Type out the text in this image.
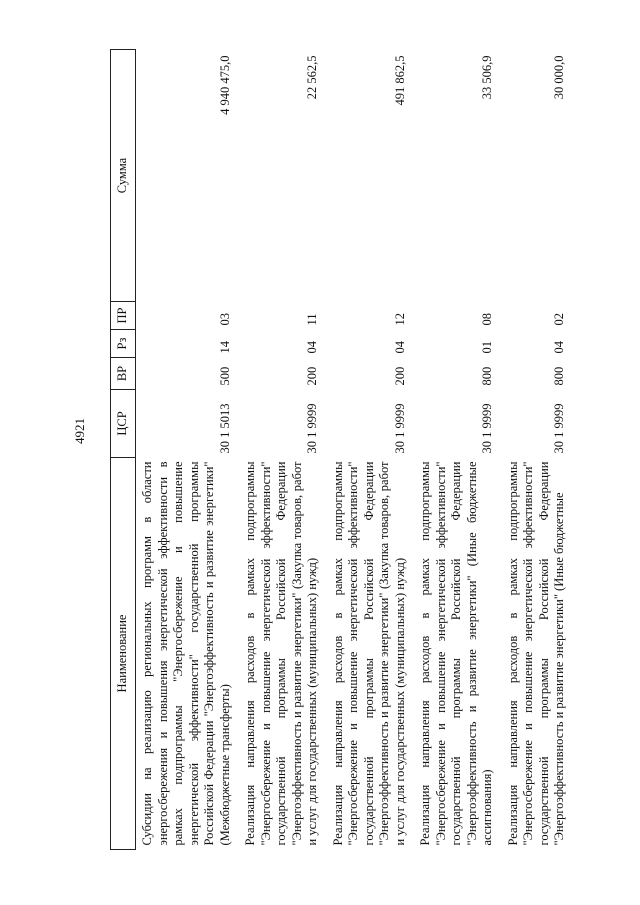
4921
Наименование	ЦСР	ВР	Рз	ПР	Сумма
Субсидии на реализацию региональных программ в области энергосбережения и повышения энергетической эффективности в рамках подпрограммы "Энергосбережение и повышение энергетической эффективности" государственной программы Российской Федерации "Энергоэффективность и развитие энергетики" (Межбюджетные трансферты)	30 1 5013	500	14	03	4 940 475,0
Реализация направления расходов в рамках подпрограммы "Энергосбережение и повышение энергетической эффективности" государственной программы Российской Федерации "Энергоэффективность и развитие энергетики" (Закупка товаров, работ и услуг для государственных (муниципальных) нужд)	30 1 9999	200	04	11	22 562,5
Реализация направления расходов в рамках подпрограммы "Энергосбережение и повышение энергетической эффективности" государственной программы Российской Федерации "Энергоэффективность и развитие энергетики" (Закупка товаров, работ и услуг для государственных (муниципальных) нужд)	30 1 9999	200	04	12	491 862,5
Реализация направления расходов в рамках подпрограммы "Энергосбережение и повышение энергетической эффективности" государственной программы Российской Федерации "Энергоэффективность и развитие энергетики" (Иные бюджетные ассигнования)	30 1 9999	800	01	08	33 506,9
Реализация направления расходов в рамках подпрограммы "Энергосбережение и повышение энергетической эффективности" государственной программы Российской Федерации "Энергоэффективность и развитие энергетики" (Иные бюджетные	30 1 9999	800	04	02	30 000,0
